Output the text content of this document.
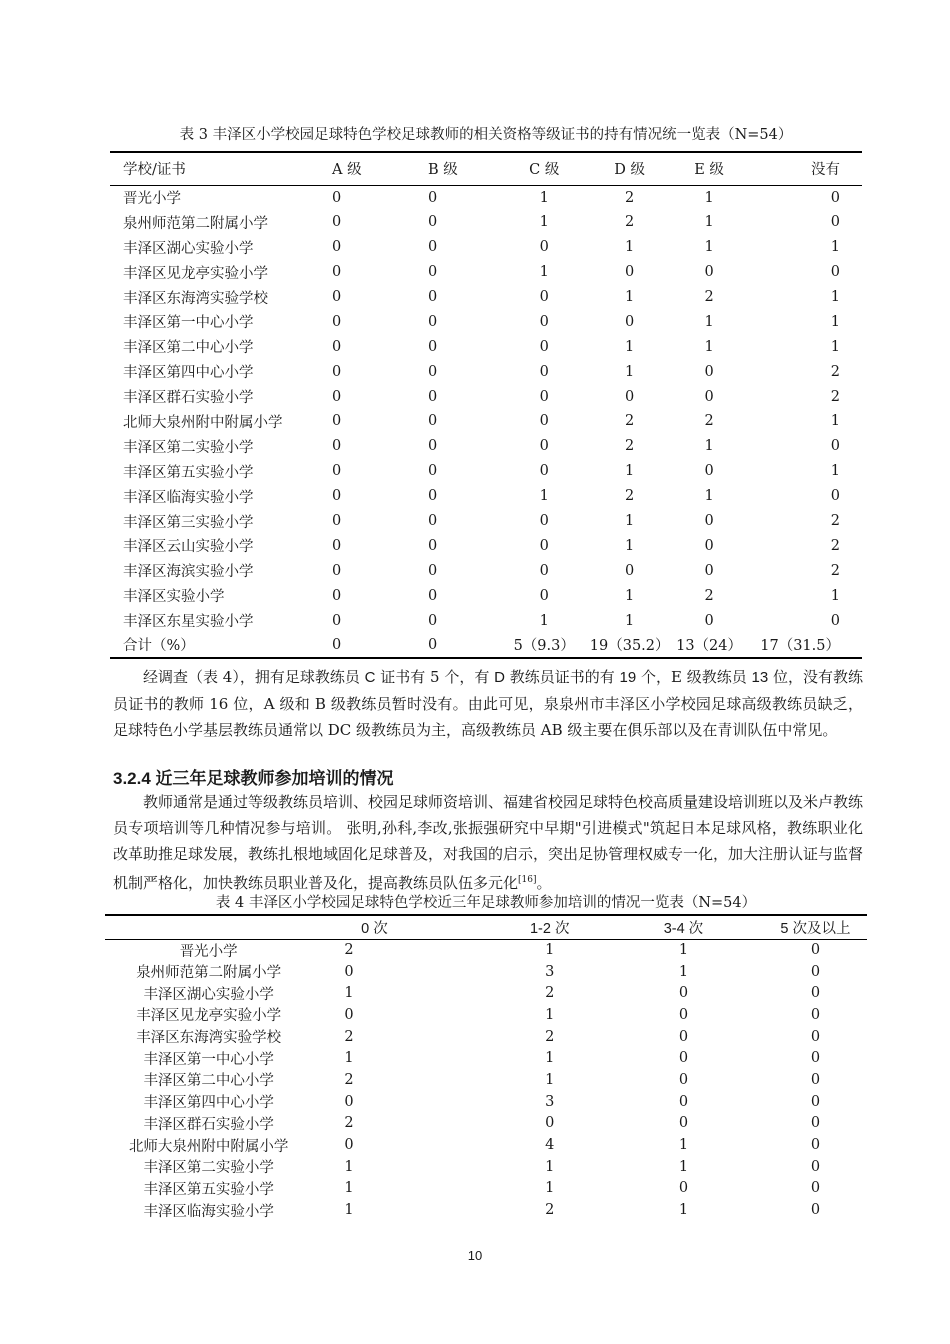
表 3 丰泽区小学校园足球特色学校足球教师的相关资格等级证书的持有情况统一览表（N=54）
学校/证书	A 级	B 级	C 级	D 级	E 级	没有
晋光小学	0	0	1	2	1	0
泉州师范第二附属小学	0	0	1	2	1	0
丰泽区湖心实验小学	0	0	0	1	1	1
丰泽区见龙亭实验小学	0	0	1	0	0	0
丰泽区东海湾实验学校	0	0	0	1	2	1
丰泽区第一中心小学	0	0	0	0	1	1
丰泽区第二中心小学	0	0	0	1	1	1
丰泽区第四中心小学	0	0	0	1	0	2
丰泽区群石实验小学	0	0	0	0	0	2
北师大泉州附中附属小学	0	0	0	2	2	1
丰泽区第二实验小学	0	0	0	2	1	0
丰泽区第五实验小学	0	0	0	1	0	1
丰泽区临海实验小学	0	0	1	2	1	0
丰泽区第三实验小学	0	0	0	1	0	2
丰泽区云山实验小学	0	0	0	1	0	2
丰泽区海滨实验小学	0	0	0	0	0	2
丰泽区实验小学	0	0	0	1	2	1
丰泽区东星实验小学	0	0	1	1	0	0
合计（%）	0	0	5（9.3）	19（35.2）	13（24）	17（31.5）

经调查（表 4），拥有足球教练员 C 证书有 5 个，有 D 教练员证书的有 19 个，E 级教练员 13 位，没有教练员证书的教师 16 位，A 级和 B 级教练员暂时没有。由此可见，泉泉州市丰泽区小学校园足球高级教练员缺乏，足球特色小学基层教练员通常以 DC 级教练员为主，高级教练员 AB 级主要在俱乐部以及在青训队伍中常见。

3.2.4 近三年足球教师参加培训的情况

教师通常是通过等级教练员培训、校园足球师资培训、福建省校园足球特色校高质量建设培训班以及米卢教练员专项培训等几种情况参与培训。 张明,孙科,李改,张振强研究中早期"引进模式"筑起日本足球风格，教练职业化改革助推足球发展，教练扎根地域固化足球普及，对我国的启示，突出足协管理权威专一化，加大注册认证与监督机制严格化，加快教练员职业普及化，提高教练员队伍多元化[16]。

表 4 丰泽区小学校园足球特色学校近三年足球教师参加培训的情况一览表（N=54）
	0 次	1-2 次	3-4 次	5 次及以上
晋光小学	2	1	1	0
泉州师范第二附属小学	0	3	1	0
丰泽区湖心实验小学	1	2	0	0
丰泽区见龙亭实验小学	0	1	0	0
丰泽区东海湾实验学校	2	2	0	0
丰泽区第一中心小学	1	1	0	0
丰泽区第二中心小学	2	1	0	0
丰泽区第四中心小学	0	3	0	0
丰泽区群石实验小学	2	0	0	0
北师大泉州附中附属小学	0	4	1	0
丰泽区第二实验小学	1	1	1	0
丰泽区第五实验小学	1	1	0	0
丰泽区临海实验小学	1	2	1	0
10
